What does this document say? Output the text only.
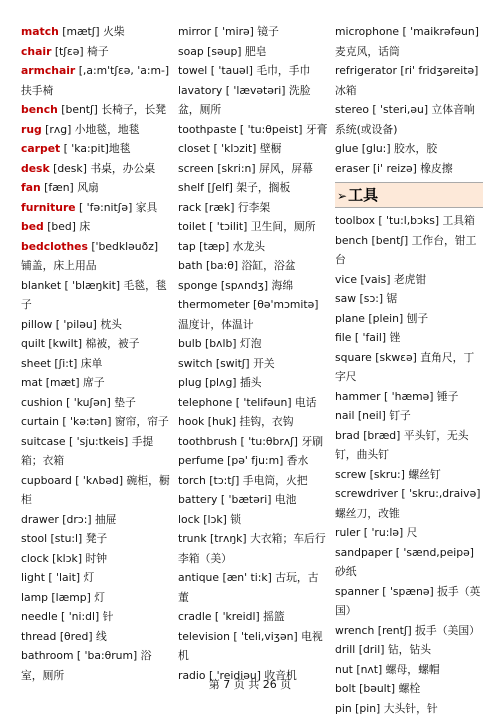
match [mætʃ] 火柴
chair [tʃɛə] 椅子
armchair [,a:m'tʃɛə, 'a:m-] 扶手椅
bench [bentʃ] 长椅子，长凳
rug [rʌg] 小地毯，地毯
carpet [ 'ka:pit]地毯
desk [desk] 书桌，办公桌
fan [fæn] 风扇
furniture [ 'fə:nitʃə] 家具
bed [bed] 床
bedclothes ['bedkləuðz] 铺盖，床上用品
blanket [ 'blæŋkit] 毛毯，毯子
pillow [ 'piləu] 枕头
quilt [kwilt] 棉被，被子
sheet [ʃi:t] 床单
mat [mæt] 席子
cushion [ 'kuʃən] 垫子
curtain [ 'kə:tən] 窗帘，帘子
suitcase [ 'sju:tkeis] 手提箱；衣箱
cupboard [ 'kʌbəd] 碗柜，橱柜
drawer [drɔ:] 抽屉
stool [stu:l] 凳子
clock [klɔk] 时钟
light [ 'lait] 灯
lamp [læmp] 灯
needle [ 'ni:dl] 针
thread [θred] 线
bathroom [ 'ba:θrum] 浴室，厕所
mirror [ 'mirə] 镜子
soap [səup] 肥皂
towel [ 'tauəl] 毛巾，手巾
lavatory [ 'lævətəri] 洗脸盆，厕所
toothpaste [ 'tu:θpeist] 牙膏
closet [ 'klɔzit] 壁橱
screen [skri:n] 屏风，屏幕
shelf [ʃelf] 架子，搁板
rack [ræk] 行李架
toilet [ 'tɔilit] 卫生间，厕所
tap [tæp] 水龙头
bath [ba:θ] 浴缸，浴盆
sponge [spʌndʒ] 海绵
thermometer [θə'mɔmitə] 温度计，体温计
bulb [bʌlb] 灯泡
switch [switʃ] 开关
plug [plʌg] 插头
telephone [ 'telifəun] 电话
hook [huk] 挂钩，衣钩
toothbrush [ 'tu:θbrʌʃ] 牙刷
perfume [pə' fju:m] 香水
torch [tɔ:tʃ] 手电筒，火把
battery [ 'bætəri] 电池
lock [lɔk] 锁
trunk [trʌŋk] 大衣箱；车后行李箱（美）
antique [æn' ti:k] 古玩，古董
cradle [ 'kreidl] 摇篮
television [ 'teli,viʒən] 电视机
radio [ 'reidiəu] 收音机
microphone [ 'maikrəfəun] 麦克风，话筒
refrigerator [ri' fridʒəreitə] 冰箱
stereo [ 'steri,əu] 立体音响系统(或设备)
glue [glu:] 胶水，胶
eraser [i' reizə] 橡皮擦
➢工具
toolbox [ 'tu:l,bɔks] 工具箱
bench [bentʃ] 工作台，钳工台
vice [vais] 老虎钳
saw [sɔ:] 锯
plane [plein] 刨子
file [ 'fail] 锉
square [skwɛə] 直角尺，丁字尺
hammer [ 'hæmə] 锤子
nail [neil] 钉子
brad [bræd] 平头钉，无头钉，曲头钉
screw [skru:] 螺丝钉
screwdriver [ 'skru:,draivə] 螺丝刀，改锥
ruler [ 'ru:lə] 尺
sandpaper [ 'sænd,peipə] 砂纸
spanner [ 'spænə] 扳手（英国）
wrench [rentʃ] 扳手（美国）
drill [dril] 钻，钻头
nut [nʌt] 螺母，螺帽
bolt [bəult] 螺栓
pin [pin] 大头针，针
第 7 页 共 26 页
